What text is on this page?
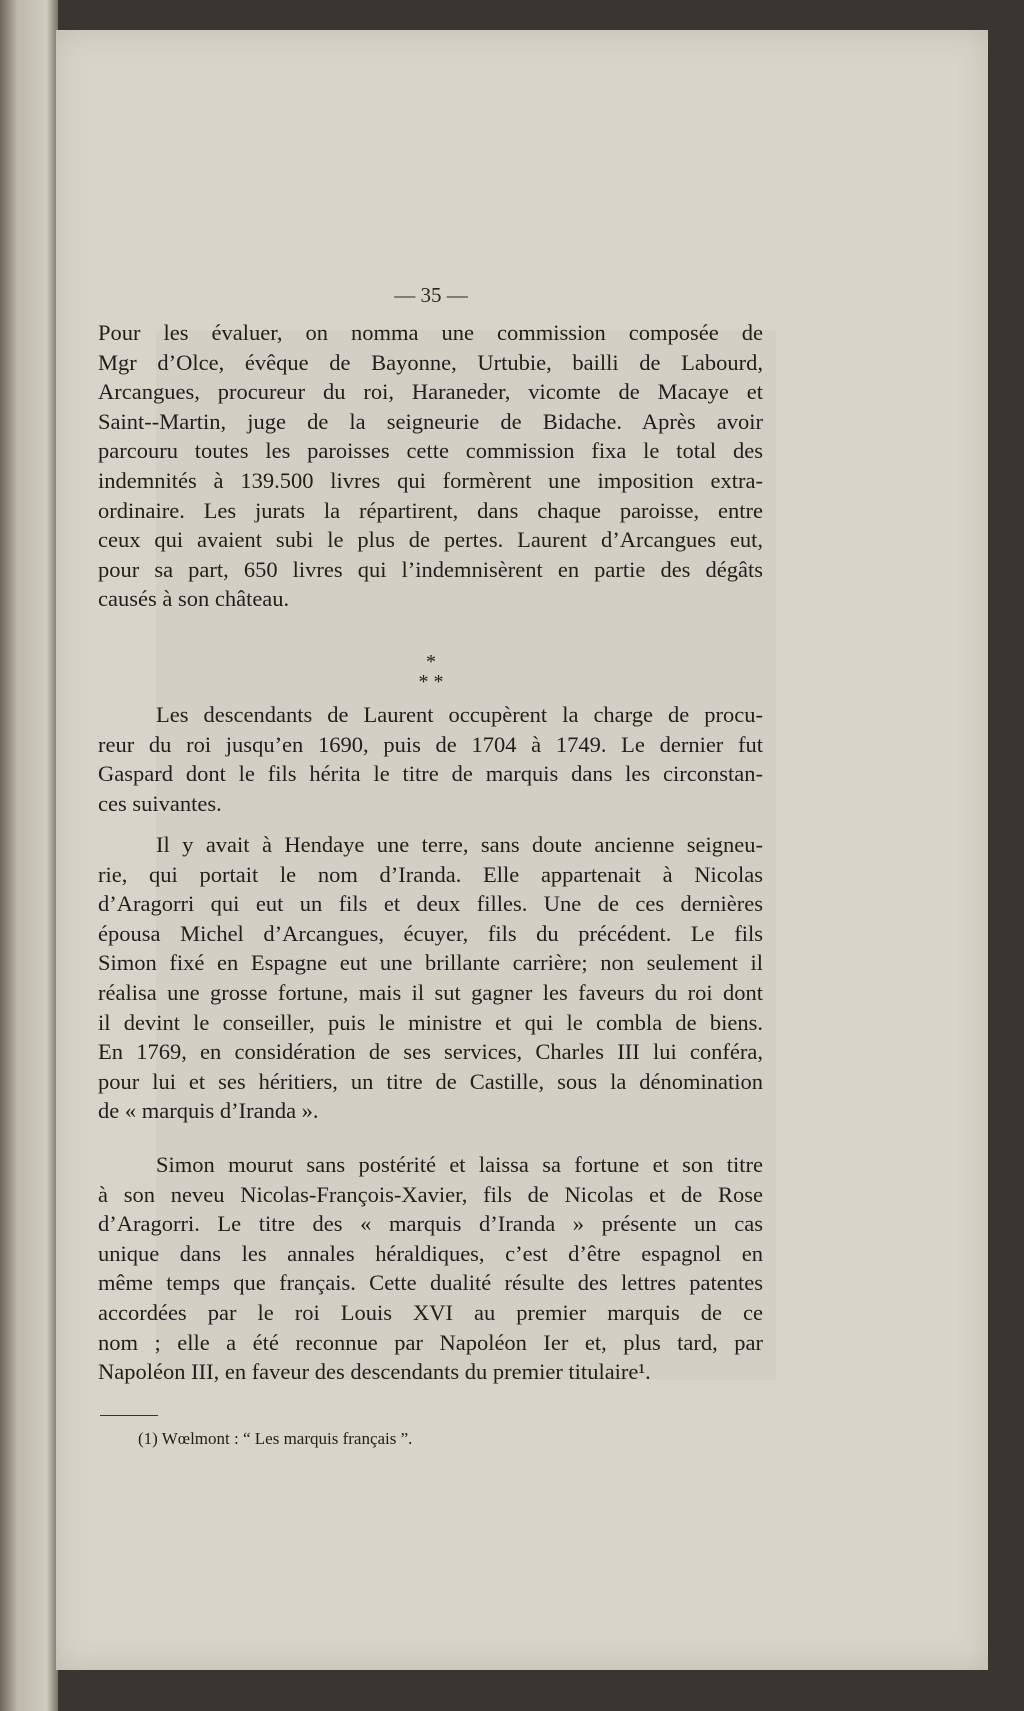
— 35 —
Pour les évaluer, on nomma une commission composée de
Mgr d’Olce, évêque de Bayonne, Urtubie, bailli de Labourd,
Arcangues, procureur du roi, Haraneder, vicomte de Macaye et
Saint--Martin, juge de la seigneurie de Bidache. Après avoir
parcouru toutes les paroisses cette commission fixa le total des
indemnités à 139.500 livres qui formèrent une imposition extra-
ordinaire. Les jurats la répartirent, dans chaque paroisse, entre
ceux qui avaient subi le plus de pertes. Laurent d’Arcangues eut,
pour sa part, 650 livres qui l’indemnisèrent en partie des dégâts
causés à son château.
*
* *
Les descendants de Laurent occupèrent la charge de procu-
reur du roi jusqu’en 1690, puis de 1704 à 1749. Le dernier fut
Gaspard dont le fils hérita le titre de marquis dans les circonstan-
ces suivantes.
Il y avait à Hendaye une terre, sans doute ancienne seigneu-
rie, qui portait le nom d’Iranda. Elle appartenait à Nicolas
d’Aragorri qui eut un fils et deux filles. Une de ces dernières
épousa Michel d’Arcangues, écuyer, fils du précédent. Le fils
Simon fixé en Espagne eut une brillante carrière; non seulement il
réalisa une grosse fortune, mais il sut gagner les faveurs du roi dont
il devint le conseiller, puis le ministre et qui le combla de biens.
En 1769, en considération de ses services, Charles III lui conféra,
pour lui et ses héritiers, un titre de Castille, sous la dénomination
de « marquis d’Iranda ».
Simon mourut sans postérité et laissa sa fortune et son titre
à son neveu Nicolas-François-Xavier, fils de Nicolas et de Rose
d’Aragorri. Le titre des « marquis d’Iranda » présente un cas
unique dans les annales héraldiques, c’est d’être espagnol en
même temps que français. Cette dualité résulte des lettres patentes
accordées par le roi Louis XVI au premier marquis de ce
nom ; elle a été reconnue par Napoléon Ier et, plus tard, par
Napoléon III, en faveur des descendants du premier titulaire¹.
(1) Wœlmont : “ Les marquis français ”.
